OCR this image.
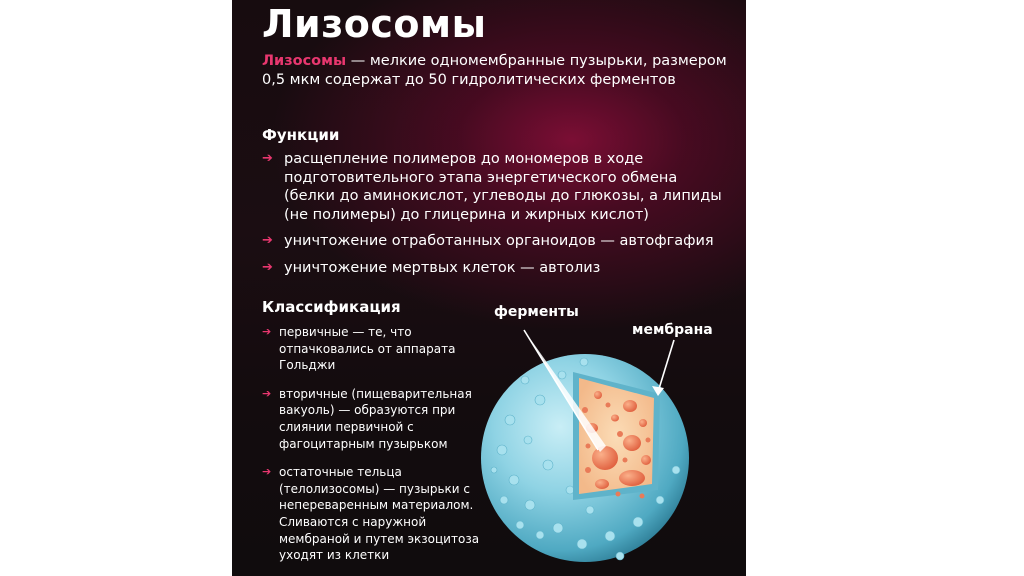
Лизосомы
Лизосомы — мелкие одномембранные пузырьки, размером 0,5 мкм содержат до 50 гидролитических ферментов
Функции
➔ расщепление полимеров до мономеров в ходе подготовительного этапа энергетического обмена (белки до аминокислот, углеводы до глюкозы, а липиды (не полимеры) до глицерина и жирных кислот)
➔ уничтожение отработанных органоидов — автофгафия
➔ уничтожение мертвых клеток — автолиз
Классификация
➔ первичные — те, что отпачковались от аппарата Гольджи
➔ вторичные (пищеварительная вакуоль) — образуются при слиянии первичной с фагоцитарным пузырьком
➔ остаточные тельца (телолизосомы) — пузырьки с непереваренным материалом. Сливаются с наружной мембраной и путем экзоцитоза уходят из клетки
ферменты
мембрана
